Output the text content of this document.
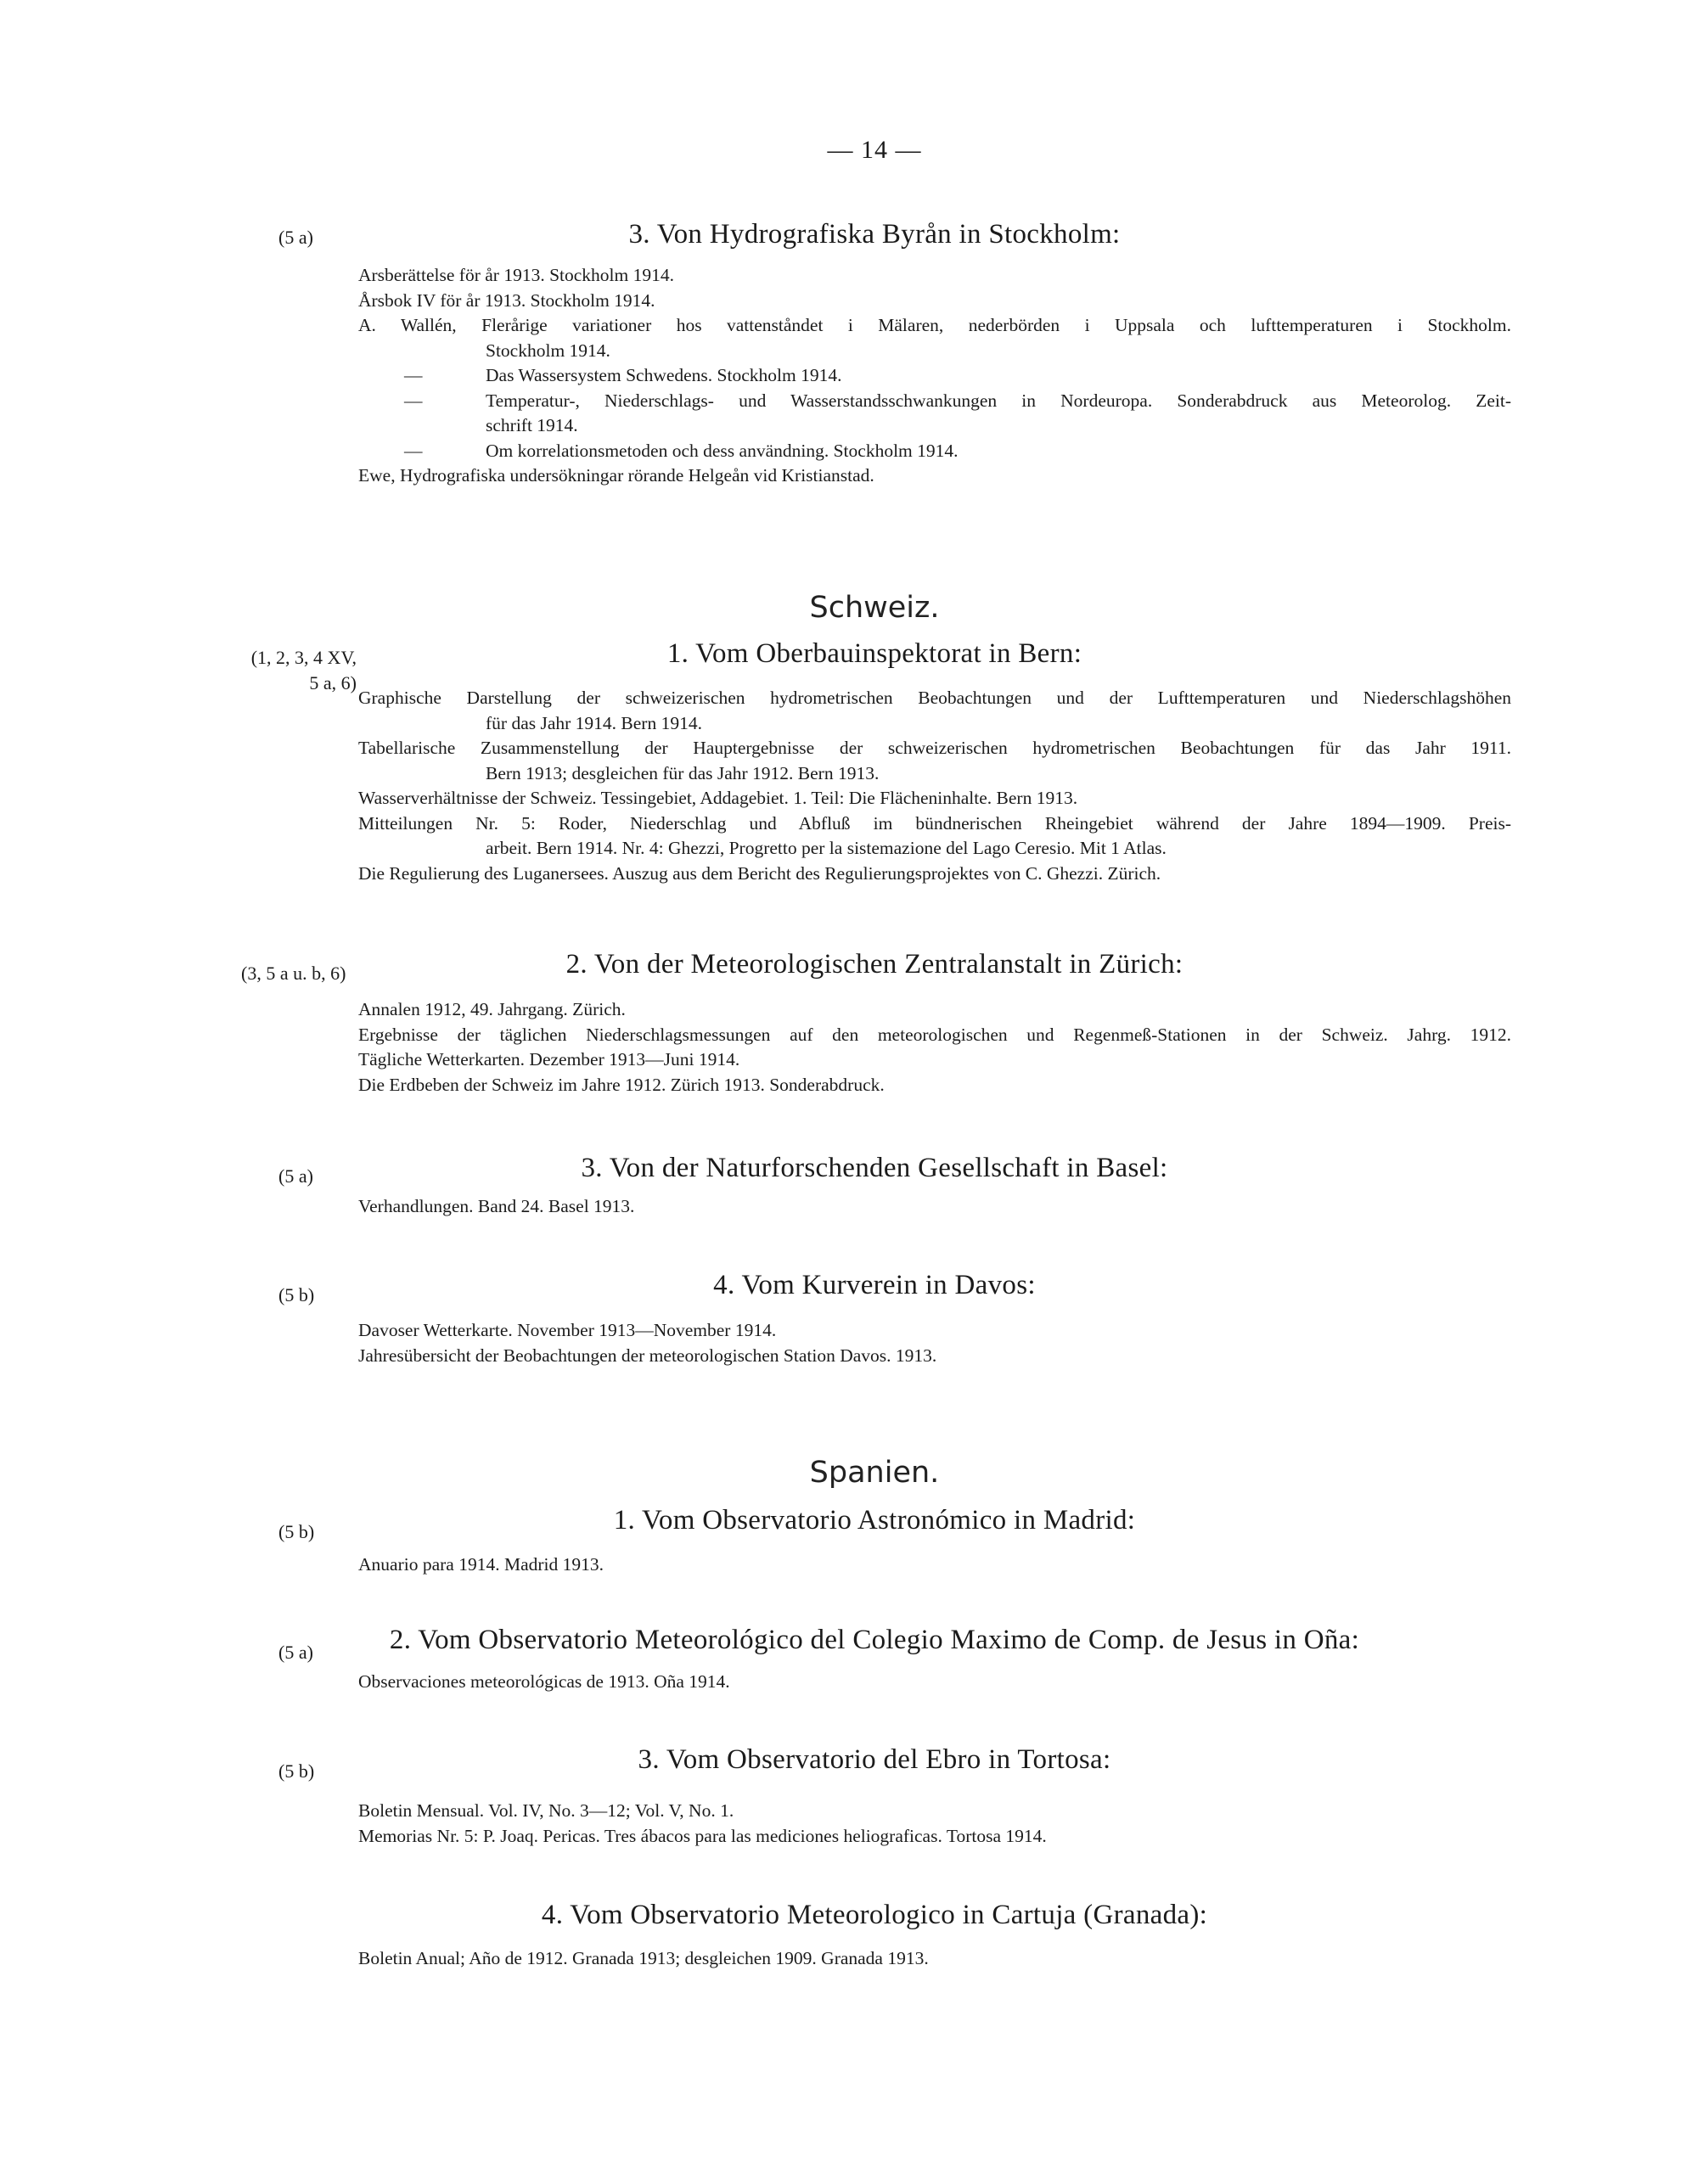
— 14 —
(5 a)	3. Von Hydrografiska Byrån in Stockholm:
Arsberättelse för år 1913. Stockholm 1914.
Årsbok IV för år 1913. Stockholm 1914.
A. Wallén, Flerårige variationer hos vattenståndet i Mälaren, nederbörden i Uppsala och lufttemperaturen i Stockholm.
Stockholm 1914.
—	Das Wassersystem Schwedens. Stockholm 1914.
—	Temperatur-, Niederschlags- und Wasserstandsschwankungen in Nordeuropa. Sonderabdruck aus Meteorolog. Zeit-
schrift 1914.
—	Om korrelationsmetoden och dess användning. Stockholm 1914.
Ewe, Hydrografiska undersökningar rörande Helgeån vid Kristianstad.
Schweiz.
(1, 2, 3, 4 XV,
5 a, 6)
1. Vom Oberbauinspektorat in Bern:
Graphische Darstellung der schweizerischen hydrometrischen Beobachtungen und der Lufttemperaturen und Niederschlagshöhen
für das Jahr 1914. Bern 1914.
Tabellarische Zusammenstellung der Hauptergebnisse der schweizerischen hydrometrischen Beobachtungen für das Jahr 1911.
Bern 1913; desgleichen für das Jahr 1912. Bern 1913.
Wasserverhältnisse der Schweiz. Tessingebiet, Addagebiet. 1. Teil: Die Flächeninhalte. Bern 1913.
Mitteilungen Nr. 5: Roder, Niederschlag und Abfluß im bündnerischen Rheingebiet während der Jahre 1894—1909. Preis-
arbeit. Bern 1914. Nr. 4: Ghezzi, Progretto per la sistemazione del Lago Ceresio. Mit 1 Atlas.
Die Regulierung des Luganersees. Auszug aus dem Bericht des Regulierungsprojektes von C. Ghezzi. Zürich.
(3, 5 a u. b, 6)	2. Von der Meteorologischen Zentralanstalt in Zürich:
Annalen 1912, 49. Jahrgang. Zürich.
Ergebnisse der täglichen Niederschlagsmessungen auf den meteorologischen und Regenmeß-Stationen in der Schweiz. Jahrg. 1912.
Tägliche Wetterkarten. Dezember 1913—Juni 1914.
Die Erdbeben der Schweiz im Jahre 1912. Zürich 1913. Sonderabdruck.
(5 a)	3. Von der Naturforschenden Gesellschaft in Basel:
Verhandlungen. Band 24. Basel 1913.
(5 b)	4. Vom Kurverein in Davos:
Davoser Wetterkarte. November 1913—November 1914.
Jahresübersicht der Beobachtungen der meteorologischen Station Davos. 1913.
Spanien.
(5 b)	1. Vom Observatorio Astronómico in Madrid:
Anuario para 1914. Madrid 1913.
(5 a)	2. Vom Observatorio Meteorológico del Colegio Maximo de Comp. de Jesus in Oña:
Observaciones meteorológicas de 1913. Oña 1914.
(5 b)	3. Vom Observatorio del Ebro in Tortosa:
Boletin Mensual. Vol. IV, No. 3—12; Vol. V, No. 1.
Memorias Nr. 5: P. Joaq. Pericas. Tres ábacos para las mediciones heliograficas. Tortosa 1914.
4. Vom Observatorio Meteorologico in Cartuja (Granada):
Boletin Anual; Año de 1912. Granada 1913; desgleichen 1909. Granada 1913.
